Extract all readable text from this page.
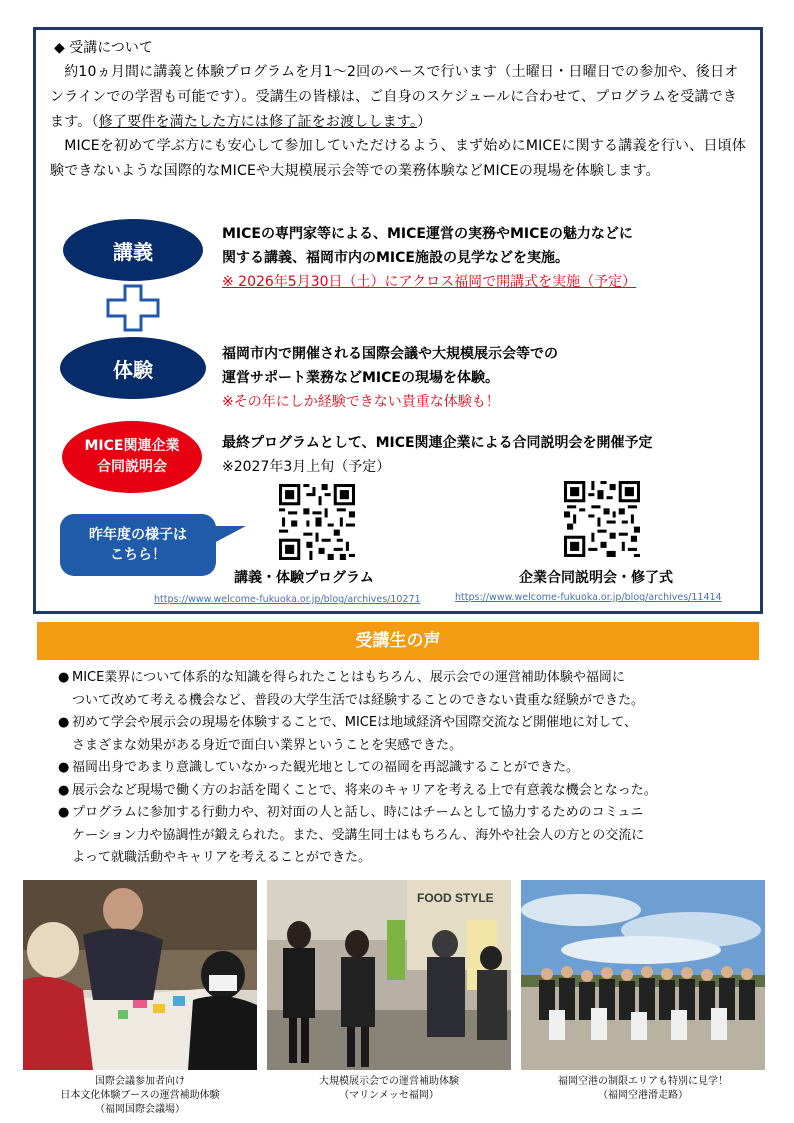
◆ 受講について
　約10ヵ月間に講義と体験プログラムを月1～2回のペースで行います（土曜日・日曜日での参加や、後日オンラインでの学習も可能です）。受講生の皆様は、ご自身のスケジュールに合わせて、プログラムを受講できます。（修了要件を満たした方には修了証をお渡しします。）
　MICEを初めて学ぶ方にも安心して参加していただけるよう、まず始めにMICEに関する講義を行い、日頃体験できないような国際的なMICEや大規模展示会等での業務体験などMICEの現場を体験します。
講義
MICEの専門家等による、MICE運営の実務やMICEの魅力などに
関する講義、福岡市内のMICE施設の見学などを実施。
※ 2026年5月30日（土）にアクロス福岡で開講式を実施（予定）
体験
福岡市内で開催される国際会議や大規模展示会等での
運営サポート業務などMICEの現場を体験。
※その年にしか経験できない貴重な体験も！
MICE関連企業
合同説明会
最終プログラムとして、MICE関連企業による合同説明会を開催予定
※2027年3月上旬（予定）
昨年度の様子は
こちら！
講義・体験プログラム
https://www.welcome-fukuoka.or.jp/blog/archives/10271
企業合同説明会・修了式
https://www.welcome-fukuoka.or.jp/blog/archives/11414
受講生の声
● MICE業界について体系的な知識を得られたことはもちろん、展示会での運営補助体験や福岡に
ついて改めて考える機会など、普段の大学生活では経験することのできない貴重な経験ができた。
● 初めて学会や展示会の現場を体験することで、MICEは地域経済や国際交流など開催地に対して、
さまざまな効果がある身近で面白い業界ということを実感できた。
● 福岡出身であまり意識していなかった観光地としての福岡を再認識することができた。
● 展示会など現場で働く方のお話を聞くことで、将来のキャリアを考える上で有意義な機会となった。
● プログラムに参加する行動力や、初対面の人と話し、時にはチームとして協力するためのコミュニ
ケーション力や協調性が鍛えられた。また、受講生同士はもちろん、海外や社会人の方との交流に
よって就職活動やキャリアを考えることができた。
FOOD STYLE
国際会議参加者向け
日本文化体験ブースの運営補助体験
（福岡国際会議場）
大規模展示会での運営補助体験
（マリンメッセ福岡）
福岡空港の制限エリアも特別に見学！
（福岡空港滑走路）
